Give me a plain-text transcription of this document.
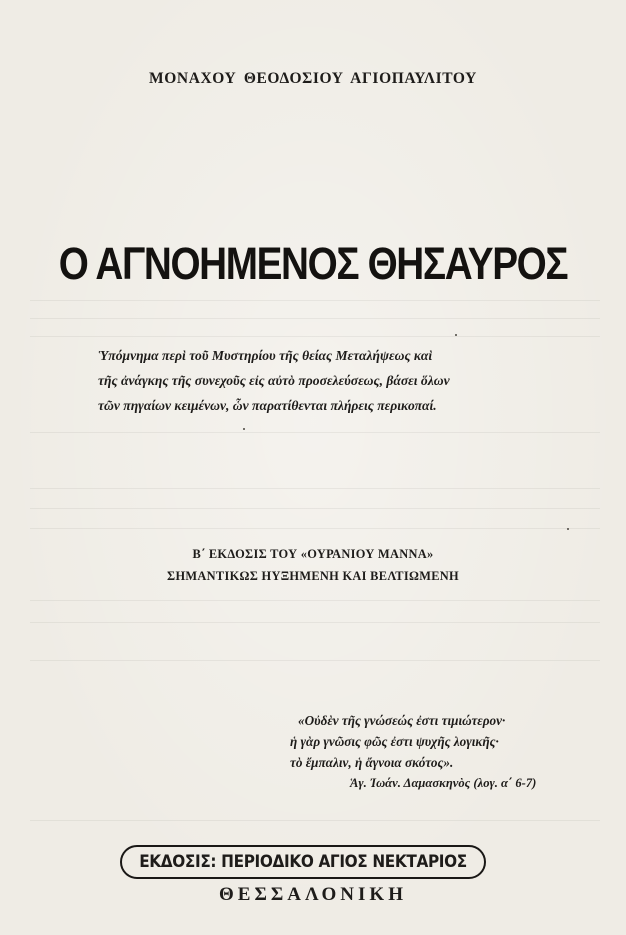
ΜΟΝΑΧΟΥ ΘΕΟΔΟΣΙΟΥ ΑΓΙΟΠΑΥΛΙΤΟΥ
Ο ΑΓΝΟΗΜΕΝΟΣ ΘΗΣΑΥΡΟΣ
Ὑπόμνημα περὶ τοῦ Μυστηρίου τῆς θείας Μεταλήψεως καὶ
τῆς ἀνάγκης τῆς συνεχοῦς εἰς αὐτὸ προσελεύσεως, βάσει ὅλων
τῶν πηγαίων κειμένων, ὧν παρατίθενται πλήρεις περικοπαί.
Β΄ ΕΚΔΟΣΙΣ ΤΟΥ «ΟΥΡΑΝΙΟΥ ΜΑΝΝΑ»
ΣΗΜΑΝΤΙΚΩΣ ΗΥΞΗΜΕΝΗ ΚΑΙ ΒΕΛΤΙΩΜΕΝΗ
«Οὐδὲν τῆς γνώσεώς ἐστι τιμιώτερον·
ἡ γὰρ γνῶσις φῶς ἐστι ψυχῆς λογικῆς·
τὸ ἔμπαλιν, ἡ ἄγνοια σκότος».
Ἁγ. Ἰωάν. Δαμασκηνὸς (λογ. α΄ 6-7)
ΕΚΔΟΣΙΣ: ΠΕΡΙΟΔΙΚΟ ΑΓΙΟΣ ΝΕΚΤΑΡΙΟΣ
ΘΕΣΣΑΛΟΝΙΚΗ
